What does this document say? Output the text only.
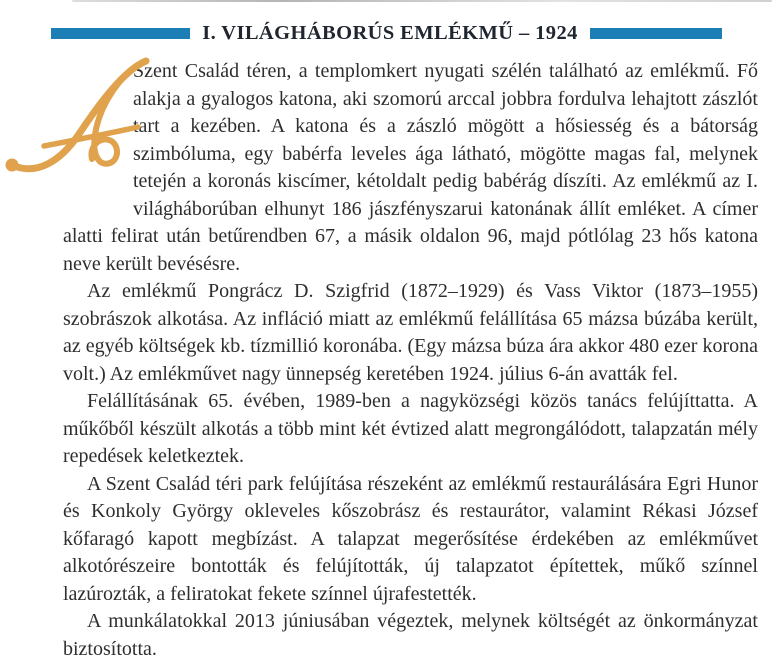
I. VILÁGHÁBORÚS EMLÉKMŰ – 1924

Szent Család téren, a templomkert nyugati szélén található az emlékmű. Fő alakja a gyalogos katona, aki szomorú arccal jobbra fordulva lehajtott zászlót tart a kezében. A katona és a zászló mögött a hősiesség és a bátorság szimbóluma, egy babérfa leveles ága látható, mögötte magas fal, melynek tetején a koronás kiscímer, kétoldalt pedig babérág díszíti. Az emlékmű az I. világháborúban elhunyt 186 jászfényszarui katonának állít emléket. A címer alatti felirat után betűrendben 67, a másik oldalon 96, majd pótlólag 23 hős katona neve került bevésésre.

Az emlékmű Pongrácz D. Szigfrid (1872–1929) és Vass Viktor (1873–1955) szobrászok alkotása. Az infláció miatt az emlékmű felállítása 65 mázsa búzába került, az egyéb költségek kb. tízmillió koronába. (Egy mázsa búza ára akkor 480 ezer korona volt.) Az emlékművet nagy ünnepség keretében 1924. július 6-án avatták fel.

Felállításának 65. évében, 1989-ben a nagyközségi közös tanács felújíttatta. A műkőből készült alkotás a több mint két évtized alatt megrongálódott, talapzatán mély repedések keletkeztek.

A Szent Család téri park felújítása részeként az emlékmű restaurálására Egri Hunor és Konkoly György okleveles kőszobrász és restaurátor, valamint Rékasi József kőfaragó kapott megbízást. A talapzat megerősítése érdekében az emlékművet alkotórészeire bontották és felújították, új talapzatot építettek, műkő színnel lazúrozták, a feliratokat fekete színnel újrafestették.

A munkálatokkal 2013 júniusában végeztek, melynek költségét az önkormányzat biztosította.
